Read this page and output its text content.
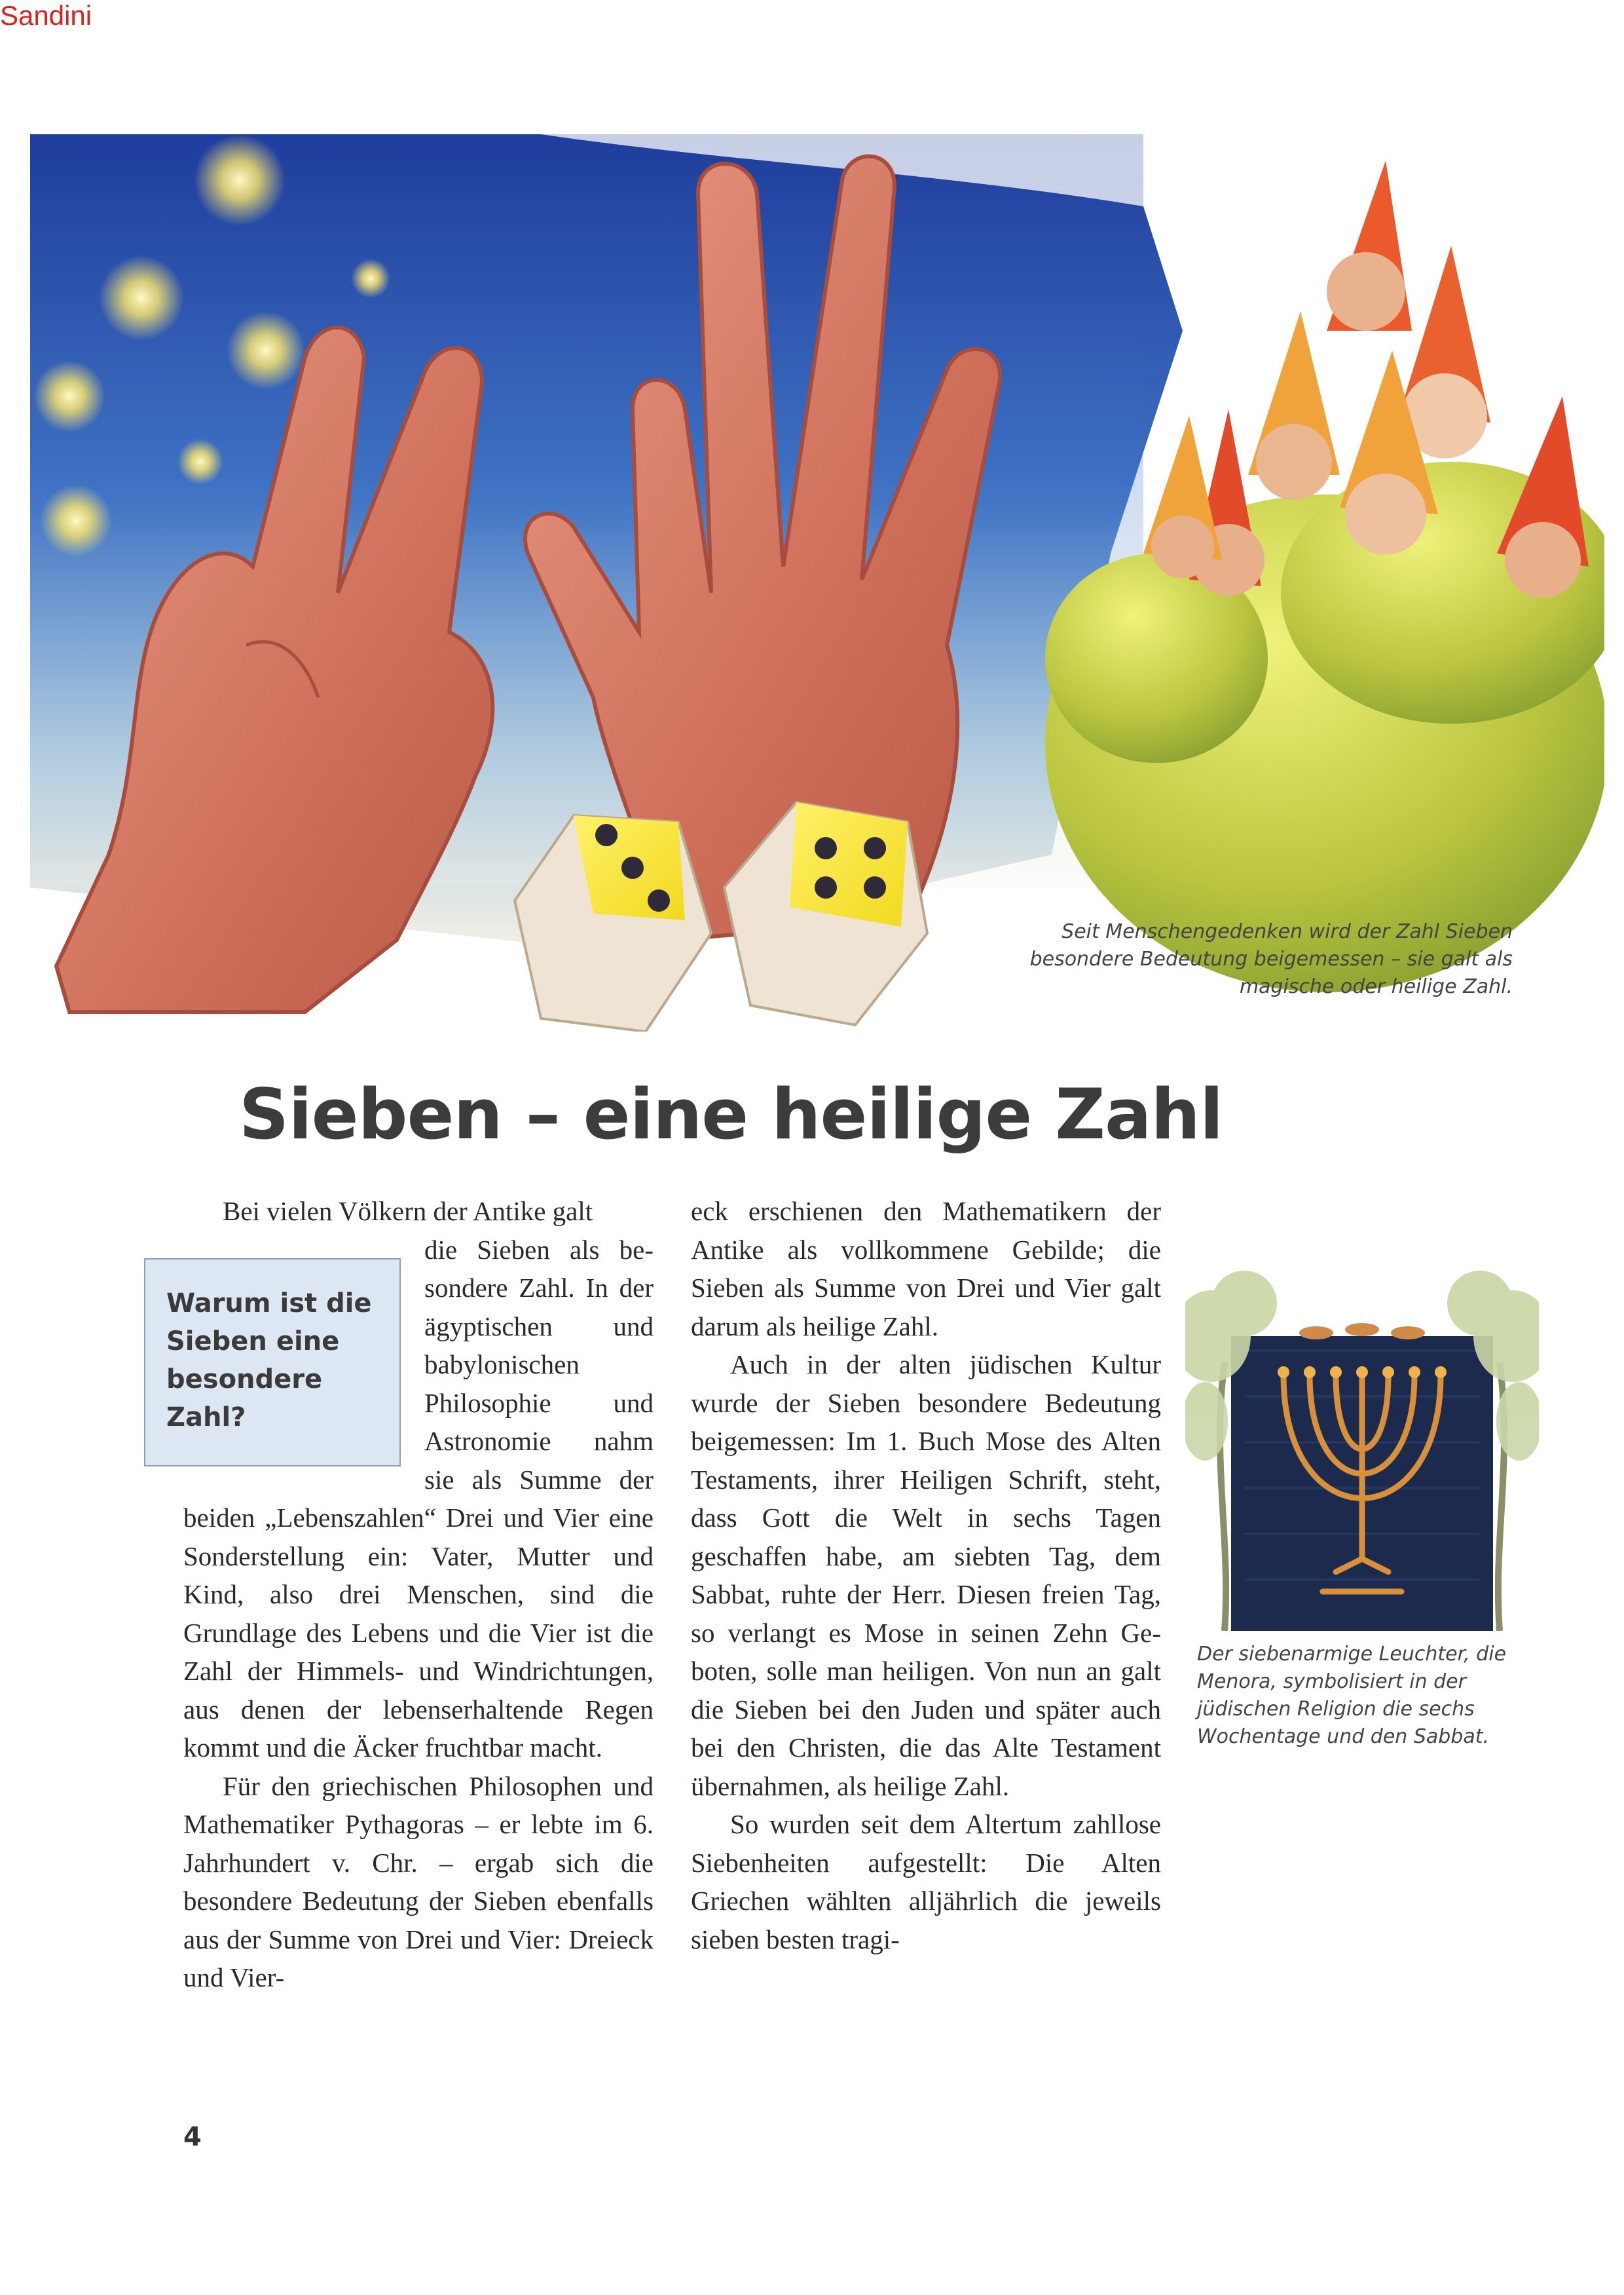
Sandini
Seit Menschengedenken wird der Zahl Sieben
besondere Bedeutung beigemessen – sie galt als
magische oder heilige Zahl.
Sieben – eine heilige Zahl

Bei vielen Völkern der Antike galt

Warum ist die Sieben eine besondere Zahl?

die Sieben als besondere Zahl. In der ägyptischen und babylonischen Philosophie und Astronomie nahm sie als Summe der beiden „Lebenszahlen“ Drei und Vier eine Sonderstellung ein: Vater, Mutter und Kind, also drei Menschen, sind die Grundlage des Lebens und die Vier ist die Zahl der Himmels- und Windrichtungen, aus denen der lebenserhaltende Regen kommt und die Äcker fruchtbar macht.

Für den griechischen Philosophen und Mathematiker Pythagoras – er lebte im 6. Jahrhundert v. Chr. – ergab sich die besondere Bedeutung der Sieben ebenfalls aus der Summe von Drei und Vier: Dreieck und Vier-

eck erschienen den Mathematikern der Antike als vollkommene Gebilde; die Sieben als Summe von Drei und Vier galt darum als heilige Zahl.

Auch in der alten jüdischen Kultur wurde der Sieben besondere Bedeutung beigemessen: Im 1. Buch Mose des Alten Testaments, ihrer Heiligen Schrift, steht, dass Gott die Welt in sechs Tagen geschaffen habe, am siebten Tag, dem Sabbat, ruhte der Herr. Diesen freien Tag, so verlangt es Mose in seinen Zehn Geboten, solle man heiligen. Von nun an galt die Sieben bei den Juden und später auch bei den Christen, die das Alte Testament übernahmen, als heilige Zahl.

So wurden seit dem Altertum zahllose Siebenheiten aufgestellt: Die Alten Griechen wählten alljährlich die jeweils sieben besten tragi-

Der siebenarmige Leuchter, die
Menora, symbolisiert in der
jüdischen Religion die sechs
Wochentage und den Sabbat.
4
